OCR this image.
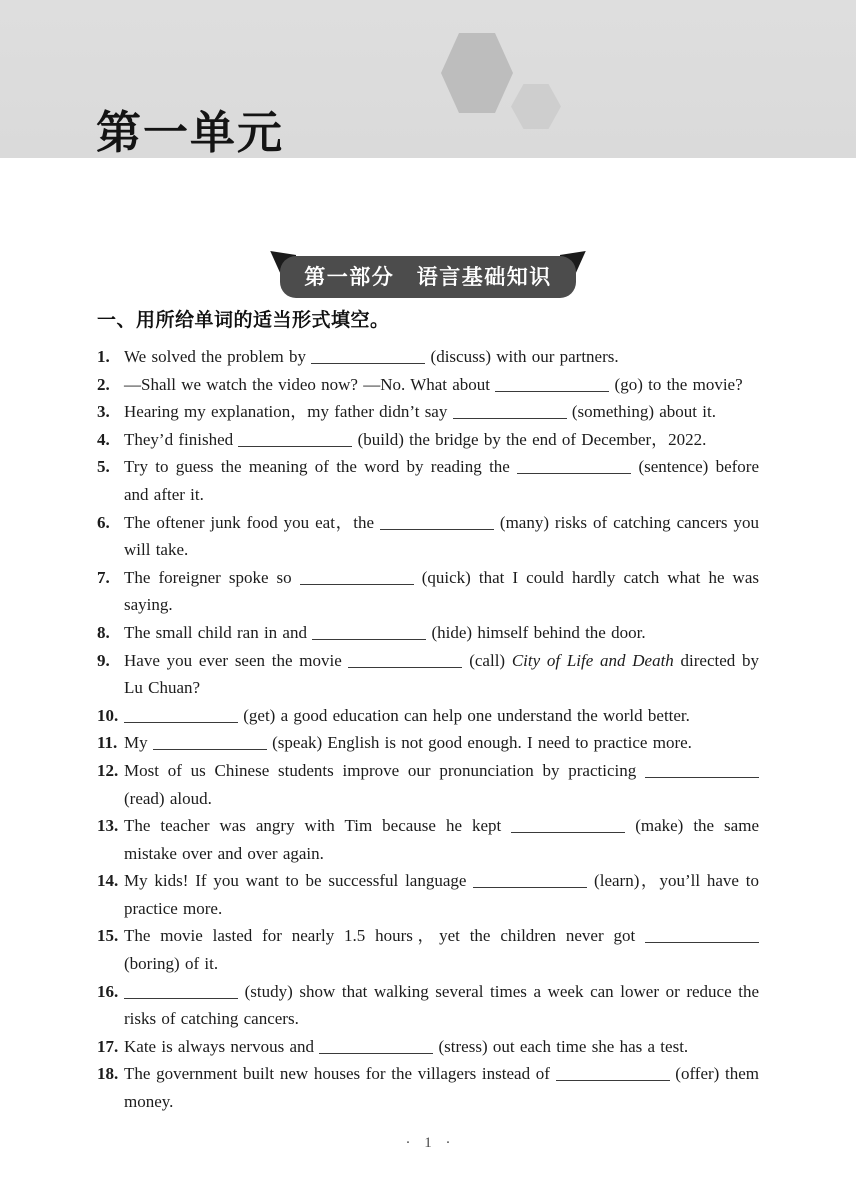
第一单元
第一部分　语言基础知识
一、用所给单词的适当形式填空。
1. We solved the problem by	(discuss) with our partners.
2. —Shall we watch the video now? —No. What about	(go) to the movie?
3. Hearing my explanation，my father didn’t say	(something) about it.
4. They’d finished	(build) the bridge by the end of December，2022.
5. Try to guess the meaning of the word by reading the	(sentence) before and after it.
6. The oftener junk food you eat，the	(many) risks of catching cancers you will take.
7. The foreigner spoke so	(quick) that I could hardly catch what he was saying.
8. The small child ran in and	(hide) himself behind the door.
9. Have you ever seen the movie	(call) City of Life and Death directed by Lu Chuan?
10.	(get) a good education can help one understand the world better.
11. My	(speak) English is not good enough. I need to practice more.
12. Most of us Chinese students improve our pronunciation by practicing  (read) aloud.
13. The teacher was angry with Tim because he kept	(make) the same mistake over and over again.
14. My kids! If you want to be successful language	(learn)，you’ll have to practice more.
15. The movie lasted for nearly 1.5 hours，yet the children never got  (boring) of it.
16.	(study) show that walking several times a week can lower or reduce the risks of catching cancers.
17. Kate is always nervous and	(stress) out each time she has a test.
18. The government built new houses for the villagers instead of	(offer) them money.
· 1 ·
